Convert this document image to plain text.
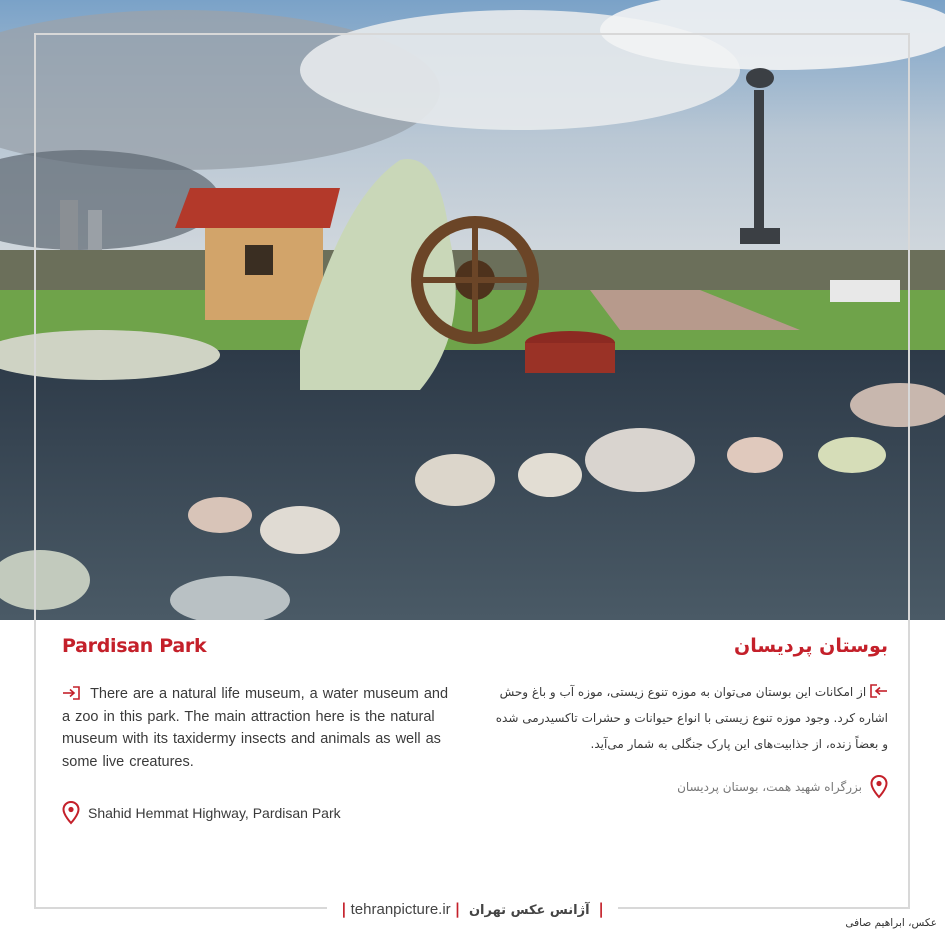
Pardisan Park
There are a natural life museum, a water museum and a zoo in this park. The main attraction here is the natural museum with its taxidermy insects and animals as well as some live creatures.
Shahid Hemmat Highway, Pardisan Park
بوستان پردیسان
از امکانات این بوستان می‌توان به موزه تنوع زیستی، موزه آب و باغ وحش اشاره کرد. وجود موزه تنوع زیستی با انواع حیوانات و حشرات تاکسیدرمی شده و بعضاً زنده، از جذابیت‌های این پارک جنگلی به شمار می‌آید.
بزرگراه شهید همت، بوستان پردیسان
| tehranpicture.ir | آژانس عکس تهران |
عکس، ابراهیم صافی
